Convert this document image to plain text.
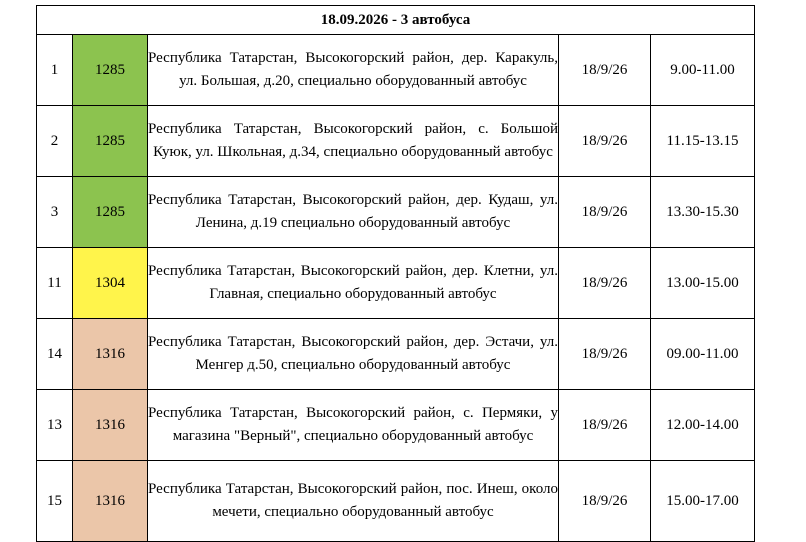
18.09.2026 - 3 автобуса				
1	1285	Республика Татарстан, Высокогорский район, дер. Каракуль, ул. Большая, д.20, специально оборудованный автобус	18/9/26	9.00-11.00
2	1285	Республика Татарстан, Высокогорский район, с. Большой Куюк, ул. Школьная, д.34, специально оборудованный автобус	18/9/26	11.15-13.15
3	1285	Республика Татарстан, Высокогорский район, дер. Кудаш, ул. Ленина, д.19 специально оборудованный автобус	18/9/26	13.30-15.30
11	1304	Республика Татарстан, Высокогорский район, дер. Клетни, ул. Главная, специально оборудованный автобус	18/9/26	13.00-15.00
14	1316	Республика Татарстан, Высокогорский район, дер. Эстачи, ул. Менгер д.50, специально оборудованный автобус	18/9/26	09.00-11.00
13	1316	Республика Татарстан, Высокогорский район, с. Пермяки, у магазина "Верный", специально оборудованный автобус	18/9/26	12.00-14.00
15	1316	Республика Татарстан, Высокогорский район, пос. Инеш, около мечети, специально оборудованный автобус	18/9/26	15.00-17.00
